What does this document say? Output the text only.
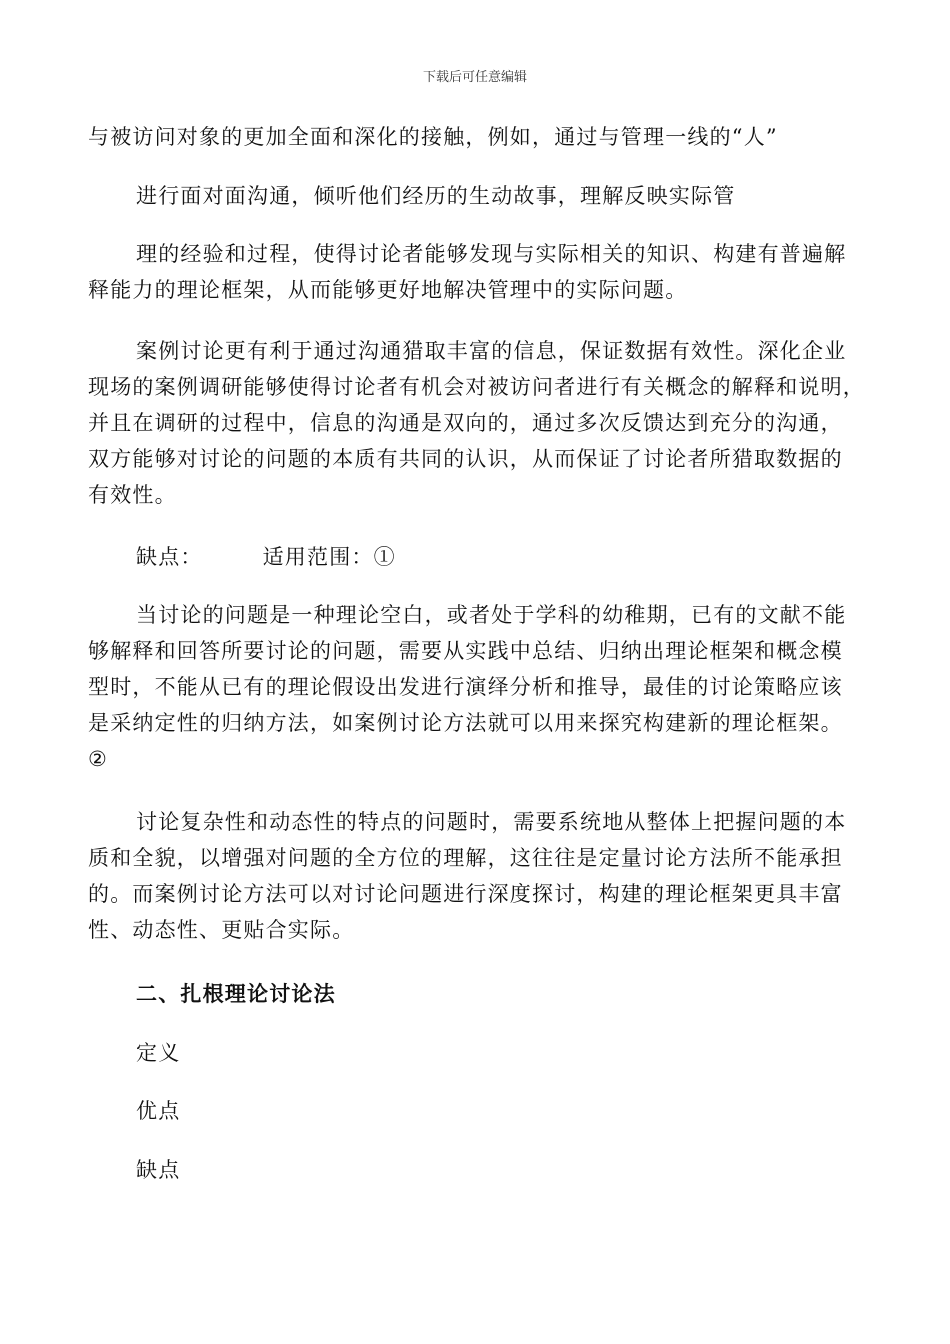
下载后可任意编辑
与被访问对象的更加全面和深化的接触，例如，通过与管理一线的“人”
进行面对面沟通，倾听他们经历的生动故事，理解反映实际管
理的经验和过程，使得讨论者能够发现与实际相关的知识、构建有普遍解
释能力的理论框架，从而能够更好地解决管理中的实际问题。
案例讨论更有利于通过沟通猎取丰富的信息，保证数据有效性。深化企业
现场的案例调研能够使得讨论者有机会对被访问者进行有关概念的解释和说明，
并且在调研的过程中，信息的沟通是双向的，通过多次反馈达到充分的沟通，
双方能够对讨论的问题的本质有共同的认识，从而保证了讨论者所猎取数据的
有效性。
缺点：	适用范围：①
当讨论的问题是一种理论空白，或者处于学科的幼稚期，已有的文献不能
够解释和回答所要讨论的问题，需要从实践中总结、归纳出理论框架和概念模
型时，不能从已有的理论假设出发进行演绎分析和推导，最佳的讨论策略应该
是采纳定性的归纳方法，如案例讨论方法就可以用来探究构建新的理论框架。
②
讨论复杂性和动态性的特点的问题时，需要系统地从整体上把握问题的本
质和全貌，以增强对问题的全方位的理解，这往往是定量讨论方法所不能承担
的。而案例讨论方法可以对讨论问题进行深度探讨，构建的理论框架更具丰富
性、动态性、更贴合实际。
二、扎根理论讨论法
定义
优点
缺点
